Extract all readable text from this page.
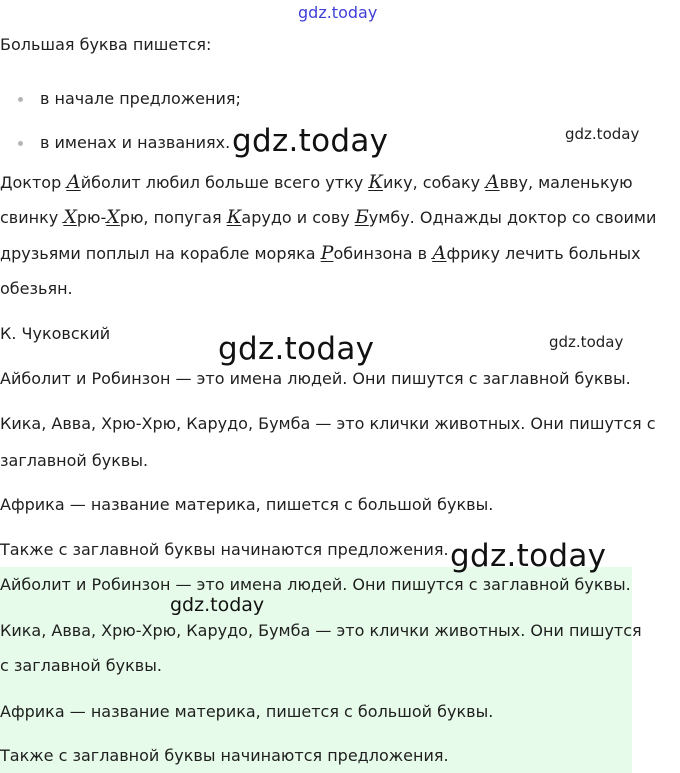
gdz.today
Большая буква пишется:
в начале предложения;
в именах и названиях. gdz.today	gdz.today
Доктор Айболит любил больше всего утку Кику, собаку Авву, маленькую
свинку Хрю-Хрю, попугая Карудо и сову Бумбу. Однажды доктор со своими
друзьями поплыл на корабле моряка Робинзона в Африку лечить больных
обезьян.
К. Чуковский	gdz.today	gdz.today
Айболит и Робинзон — это имена людей. Они пишутся с заглавной буквы.
Кика, Авва, Хрю-Хрю, Карудо, Бумба — это клички животных. Они пишутся с
заглавной буквы.
Африка — название материка, пишется с большой буквы.
Также с заглавной буквы начинаются предложения. gdz.today
Айболит и Робинзон — это имена людей. Они пишутся с заглавной буквы.
gdz.today
Кика, Авва, Хрю-Хрю, Карудо, Бумба — это клички животных. Они пишутся
с заглавной буквы.
Африка — название материка, пишется с большой буквы.
Также с заглавной буквы начинаются предложения.
